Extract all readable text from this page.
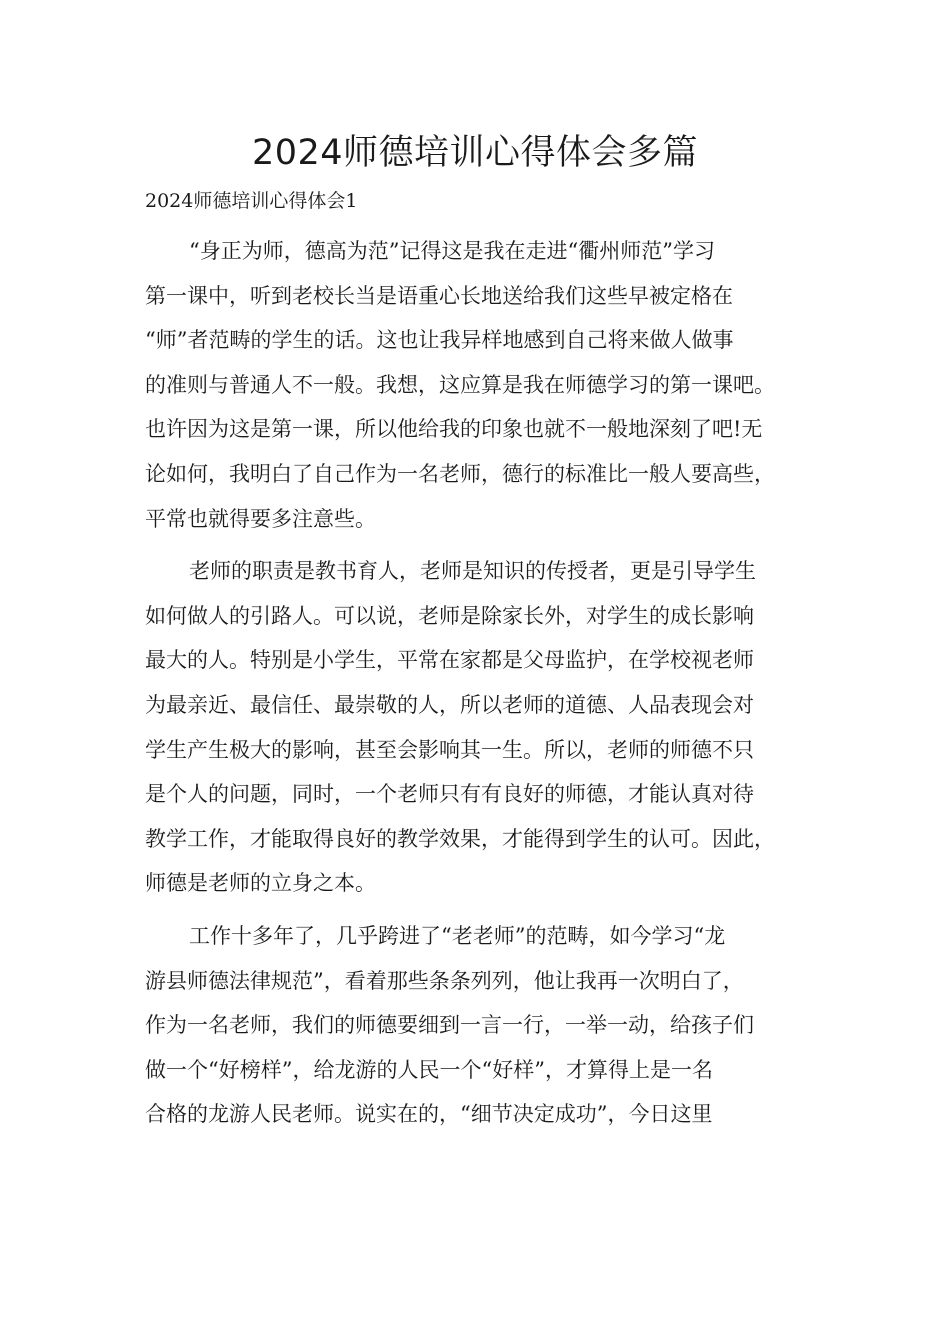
2024师德培训心得体会多篇
2024师德培训心得体会1
“身正为师，德高为范”记得这是我在走进“衢州师范”学习
第一课中，听到老校长当是语重心长地送给我们这些早被定格在
“师”者范畴的学生的话。这也让我异样地感到自己将来做人做事
的准则与普通人不一般。我想，这应算是我在师德学习的第一课吧。
也许因为这是第一课，所以他给我的印象也就不一般地深刻了吧!无
论如何，我明白了自己作为一名老师，德行的标准比一般人要高些，
平常也就得要多注意些。
老师的职责是教书育人，老师是知识的传授者，更是引导学生
如何做人的引路人。可以说，老师是除家长外，对学生的成长影响
最大的人。特别是小学生，平常在家都是父母监护，在学校视老师
为最亲近、最信任、最崇敬的人，所以老师的道德、人品表现会对
学生产生极大的影响，甚至会影响其一生。所以，老师的师德不只
是个人的问题，同时，一个老师只有有良好的师德，才能认真对待
教学工作，才能取得良好的教学效果，才能得到学生的认可。因此，
师德是老师的立身之本。
工作十多年了，几乎跨进了“老老师”的范畴，如今学习“龙
游县师德法律规范”，看着那些条条列列，他让我再一次明白了，
作为一名老师，我们的师德要细到一言一行，一举一动，给孩子们
做一个“好榜样”，给龙游的人民一个“好样”，才算得上是一名
合格的龙游人民老师。说实在的，“细节决定成功”，今日这里
